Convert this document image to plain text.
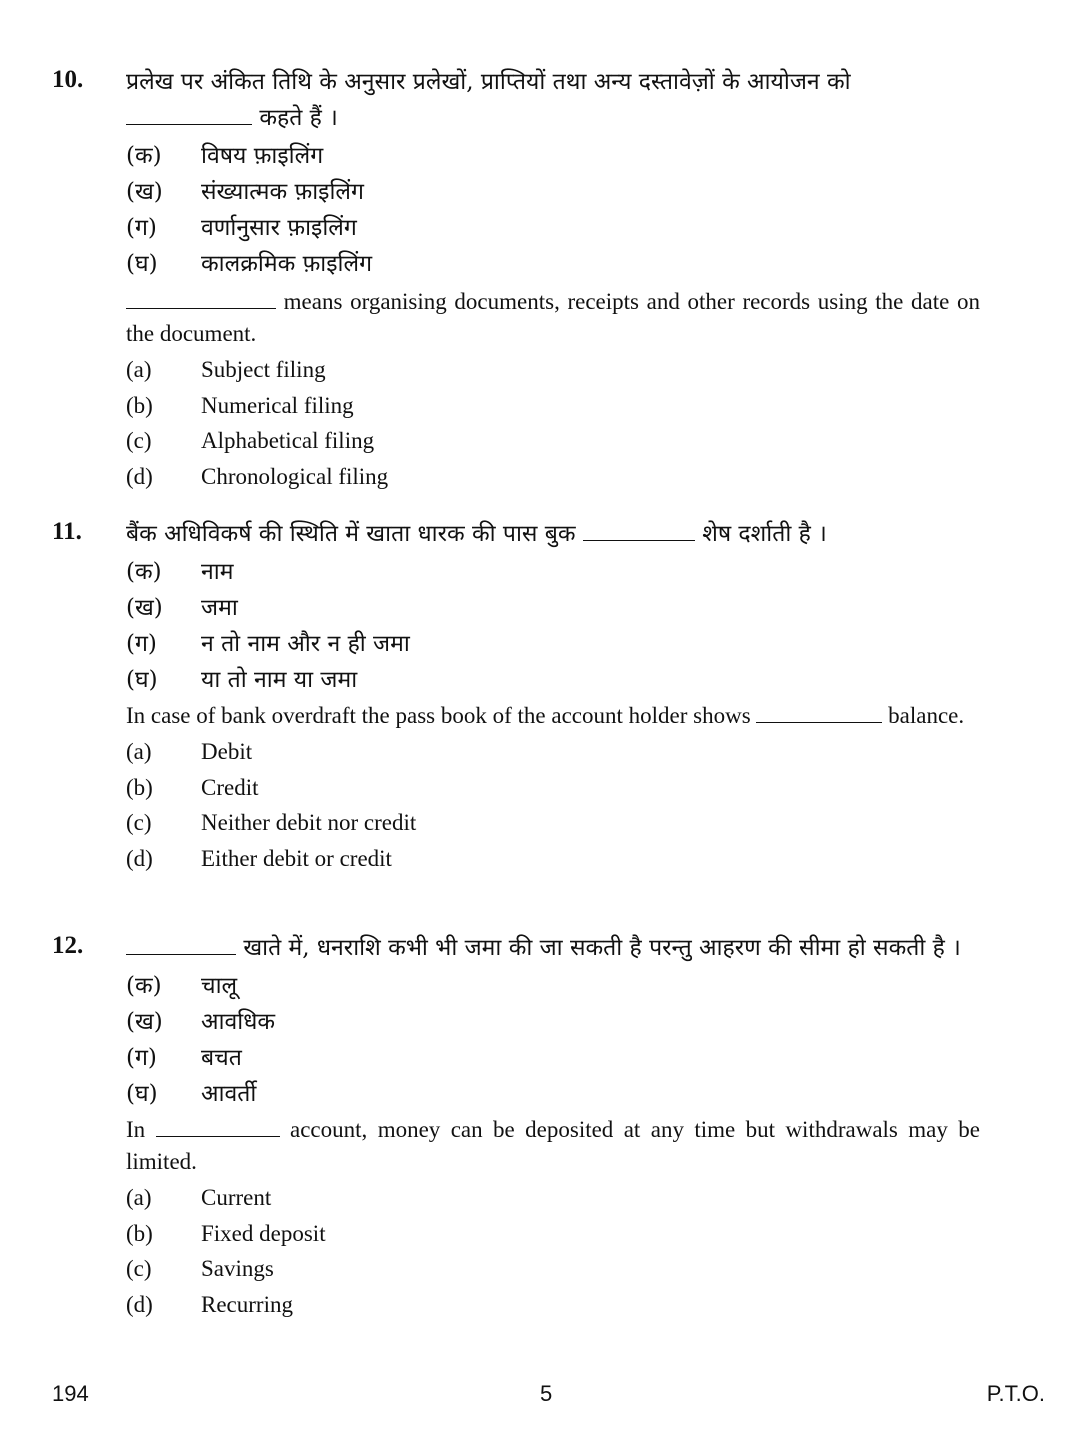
10. प्रलेख पर अंकित तिथि के अनुसार प्रलेखों, प्राप्तियों तथा अन्य दस्तावेज़ों के आयोजन को
कहते हैं ।

(क) विषय फ़ाइलिंग
(ख) संख्यात्मक फ़ाइलिंग
(ग) वर्णानुसार फ़ाइलिंग
(घ) कालक्रमिक फ़ाइलिंग

means organising documents, receipts and other records using the date on the document.

(a) Subject filing
(b) Numerical filing
(c) Alphabetical filing
(d) Chronological filing
11. बैंक अधिविकर्ष की स्थिति में खाता धारक की पास बुक	शेष दर्शाती है ।

(क) नाम
(ख) जमा
(ग) न तो नाम और न ही जमा
(घ) या तो नाम या जमा

In case of bank overdraft the pass book of the account holder shows	balance.

(a) Debit
(b) Credit
(c) Neither debit nor credit
(d) Either debit or credit
12.	खाते में, धनराशि कभी भी जमा की जा सकती है परन्तु आहरण की सीमा हो सकती है ।

(क) चालू
(ख) आवधिक
(ग) बचत
(घ) आवर्ती

In	account, money can be deposited at any time but withdrawals may be limited.

(a) Current
(b) Fixed deposit
(c) Savings
(d) Recurring
194	5	P.T.O.
